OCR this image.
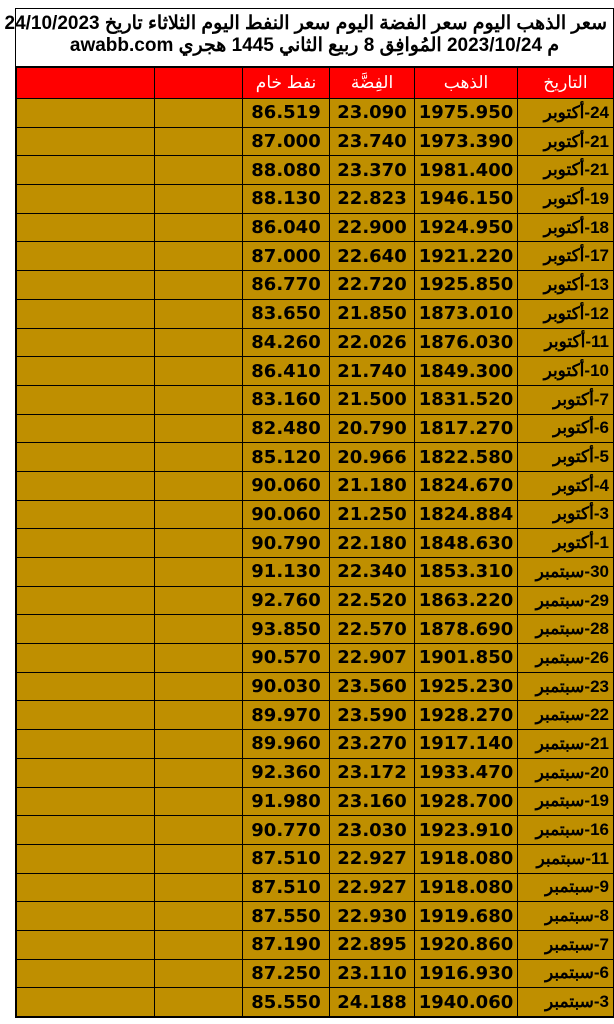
سعر الذهب اليوم سعر الفضة اليوم سعر النفط اليوم الثلاثاء تاريخ 24/10/2023
م 2023/10/24 المُوافِق 8 ربيع الثاني 1445 هجري awabb.com
التاريخ	الذهب	الفِضَّة	نفط خام		
24-أكتوبر	1975.950	23.090	86.519		
21-أكتوبر	1973.390	23.740	87.000		
21-أكتوبر	1981.400	23.370	88.080		
19-أكتوبر	1946.150	22.823	88.130		
18-أكتوبر	1924.950	22.900	86.040		
17-أكتوبر	1921.220	22.640	87.000		
13-أكتوبر	1925.850	22.720	86.770		
12-أكتوبر	1873.010	21.850	83.650		
11-أكتوبر	1876.030	22.026	84.260		
10-أكتوبر	1849.300	21.740	86.410		
7-أكتوبر	1831.520	21.500	83.160		
6-أكتوبر	1817.270	20.790	82.480		
5-أكتوبر	1822.580	20.966	85.120		
4-أكتوبر	1824.670	21.180	90.060		
3-أكتوبر	1824.884	21.250	90.060		
1-أكتوبر	1848.630	22.180	90.790		
30-سبتمبر	1853.310	22.340	91.130		
29-سبتمبر	1863.220	22.520	92.760		
28-سبتمبر	1878.690	22.570	93.850		
26-سبتمبر	1901.850	22.907	90.570		
23-سبتمبر	1925.230	23.560	90.030		
22-سبتمبر	1928.270	23.590	89.970		
21-سبتمبر	1917.140	23.270	89.960		
20-سبتمبر	1933.470	23.172	92.360		
19-سبتمبر	1928.700	23.160	91.980		
16-سبتمبر	1923.910	23.030	90.770		
11-سبتمبر	1918.080	22.927	87.510		
9-سبتمبر	1918.080	22.927	87.510		
8-سبتمبر	1919.680	22.930	87.550		
7-سبتمبر	1920.860	22.895	87.190		
6-سبتمبر	1916.930	23.110	87.250		
3-سبتمبر	1940.060	24.188	85.550		
